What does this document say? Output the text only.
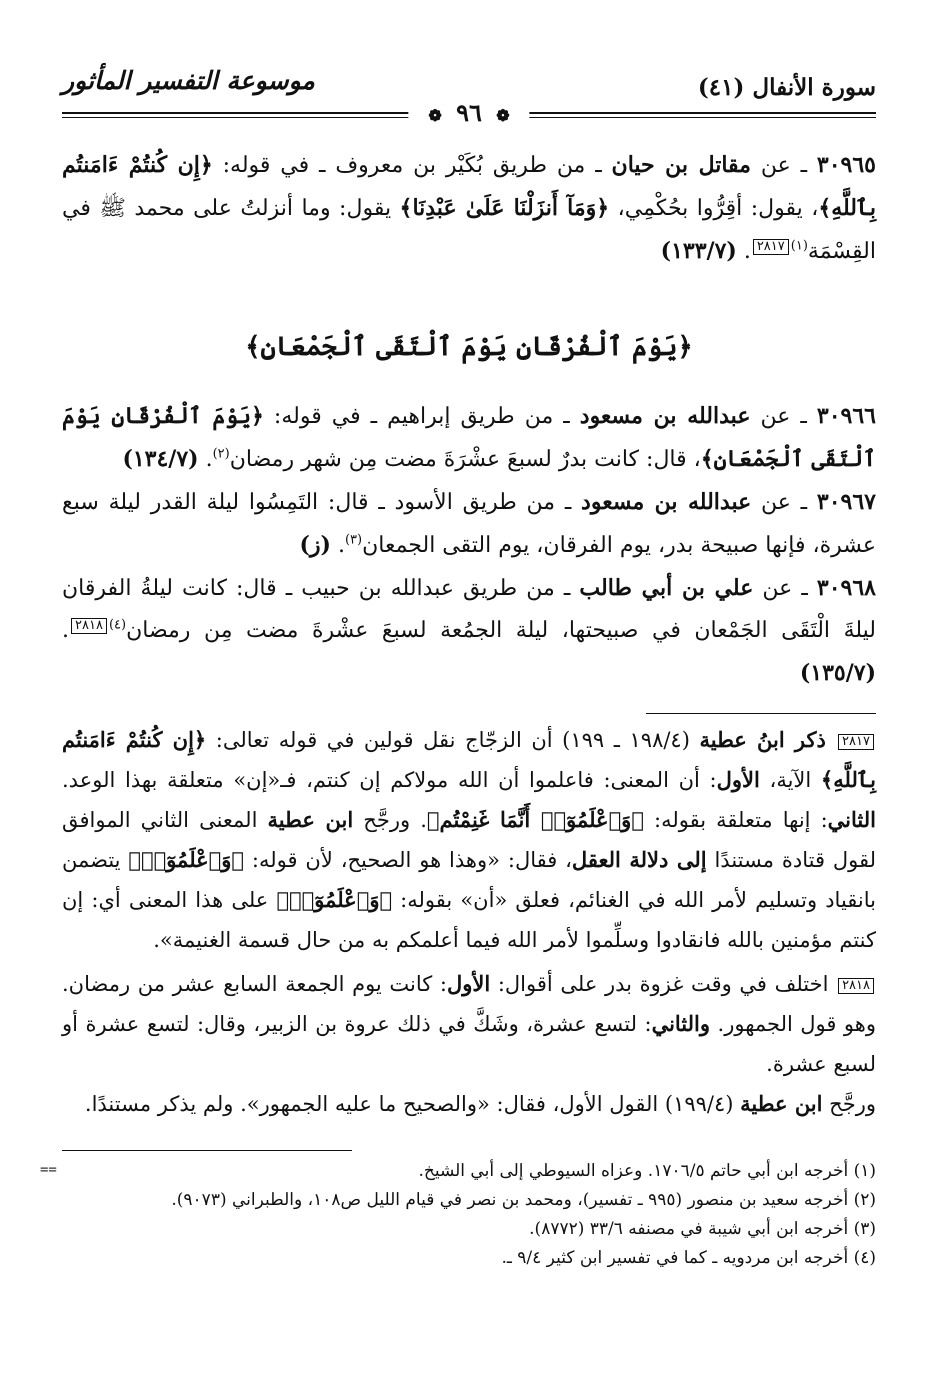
سورة الأنفال (٤١)
موسوعة التفسير المأثور
❁ ٩٦ ❁

٣٠٩٦٥ ـ عن مقاتل بن حيان ـ من طريق بُكَيْر بن معروف ـ في قوله: ﴿إِن كُنتُمْ ءَامَنتُم بِٱللَّهِ﴾، يقول: أقِرُّوا بحُكْمِي، ﴿وَمَآ أَنزَلْنَا عَلَىٰ عَبْدِنَا﴾ يقول: وما أنزلتُ على محمد ﷺ في القِسْمَة$^{(١)}$٢٨١٧. (١٣٣/٧)

﴿يَوْمَ ٱلْفُرْقَانِ يَوْمَ ٱلْتَقَى ٱلْجَمْعَانِ﴾

٣٠٩٦٦ ـ عن عبدالله بن مسعود ـ من طريق إبراهيم ـ في قوله: ﴿يَوْمَ ٱلْفُرْقَانِ يَوْمَ ٱلْتَقَى ٱلْجَمْعَانِ﴾، قال: كانت بدرٌ لسبعَ عشْرَةَ مضت مِن شهر رمضان$^{(٢)}$. (١٣٤/٧)

٣٠٩٦٧ ـ عن عبدالله بن مسعود ـ من طريق الأسود ـ قال: التَمِسُوا ليلة القدر ليلة سبع عشرة، فإنها صبيحة بدر، يوم الفرقان، يوم التقى الجمعان$^{(٣)}$. (ز)

٣٠٩٦٨ ـ عن علي بن أبي طالب ـ من طريق عبدالله بن حبيب ـ قال: كانت ليلةُ الفرقان ليلةَ الْتَقَى الجَمْعان في صبيحتها، ليلة الجمُعة لسبعَ عشْرةَ مضت مِن رمضان$^{(٤)}$٢٨١٨. (١٣٥/٧)

٢٨١٧ ذكر ابنُ عطية (١٩٨/٤ ـ ١٩٩) أن الزجّاج نقل قولين في قوله تعالى: ﴿إِن كُنتُمْ ءَامَنتُم بِٱللَّهِ﴾ الآية، الأول: أن المعنى: فاعلموا أن الله مولاكم إن كنتم، فـ«إن» متعلقة بهذا الوعد. الثاني: إنها متعلقة بقوله: ﴿وَٱعْلَمُوٓا۟ أَنَّمَا غَنِمْتُم﴾. ورجَّح ابن عطية المعنى الثاني الموافق لقول قتادة مستندًا إلى دلالة العقل، فقال: «وهذا هو الصحيح، لأن قوله: ﴿وَٱعْلَمُوٓا۟﴾ يتضمن بانقياد وتسليم لأمر الله في الغنائم، فعلق «أن» بقوله: ﴿وَٱعْلَمُوٓا۟﴾ على هذا المعنى أي: إن كنتم مؤمنين بالله فانقادوا وسلِّموا لأمر الله فيما أعلمكم به من حال قسمة الغنيمة».

٢٨١٨ اختلف في وقت غزوة بدر على أقوال: الأول: كانت يوم الجمعة السابع عشر من رمضان. وهو قول الجمهور. والثاني: لتسع عشرة، وشَكَّ في ذلك عروة بن الزبير، وقال: لتسع عشرة أو لسبع عشرة.

ورجَّح ابن عطية (١٩٩/٤) القول الأول، فقال: «والصحيح ما عليه الجمهور». ولم يذكر مستندًا.

(١) أخرجه ابن أبي حاتم ١٧٠٦/٥. وعزاه السيوطي إلى أبي الشيخ.

(٢) أخرجه سعيد بن منصور (٩٩٥ ـ تفسير)، ومحمد بن نصر في قيام الليل ص١٠٨، والطبراني (٩٠٧٣).

(٣) أخرجه ابن أبي شيبة في مصنفه ٣٣/٦ (٨٧٧٢).

(٤) أخرجه ابن مردويه ـ كما في تفسير ابن كثير ٩/٤ ـ.

==
